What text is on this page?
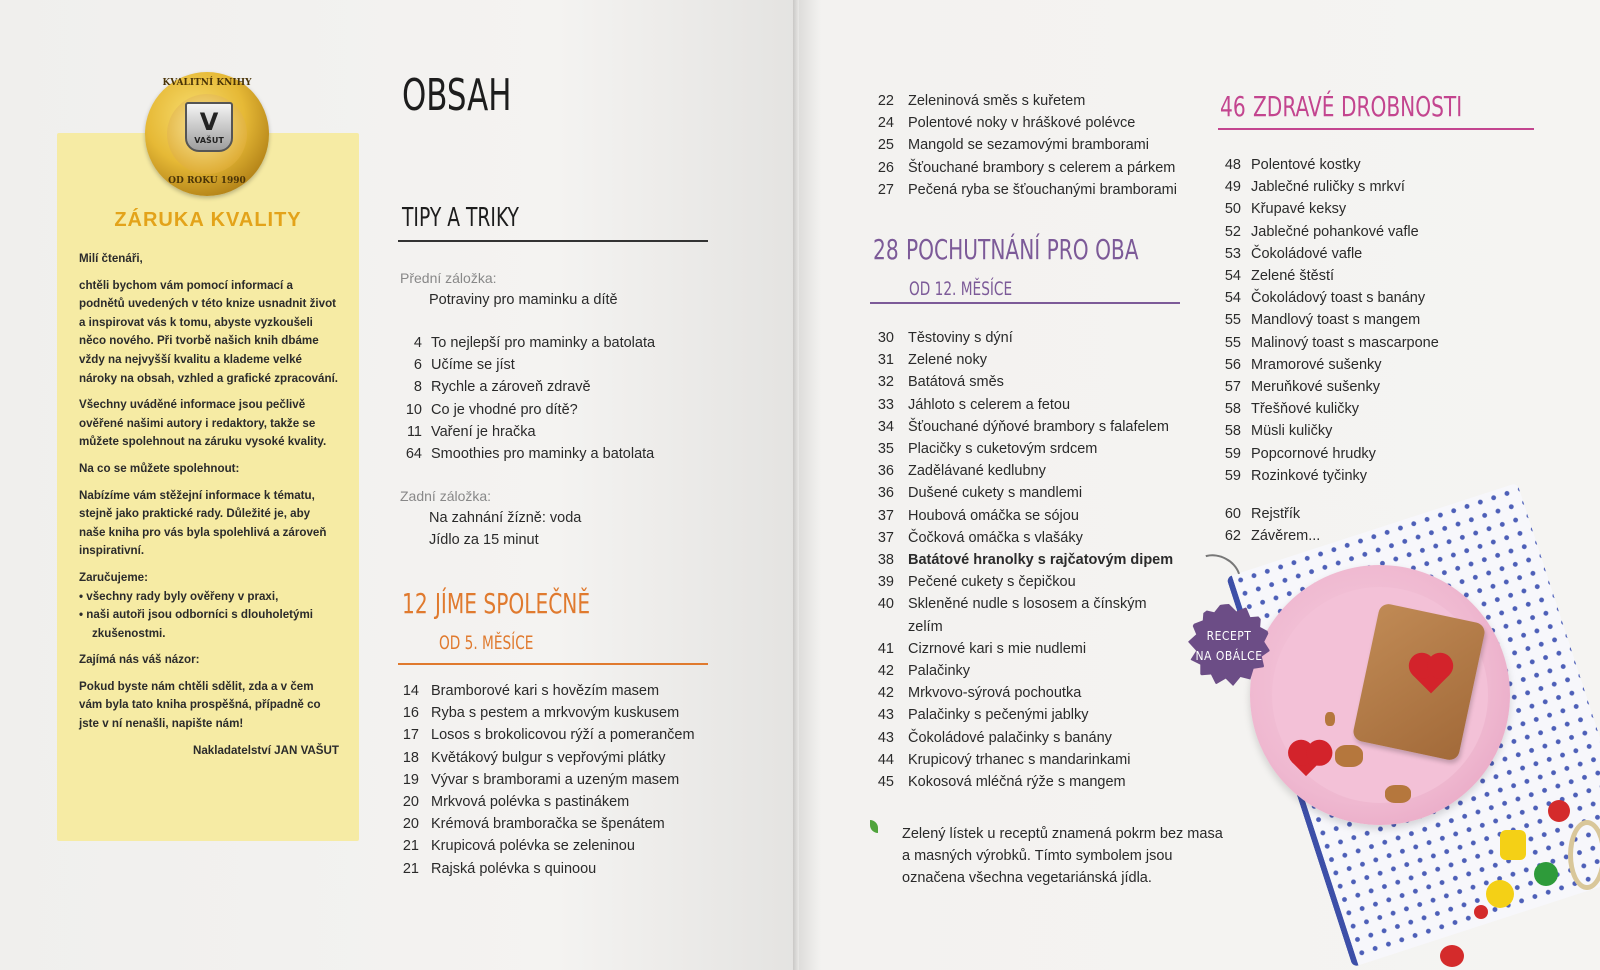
KVALITNÍ KNIHY
V
VAŠUT
OD ROKU 1990
ZÁRUKA KVALITY

Milí čtenáři,

chtěli bychom vám pomocí informací a podnětů uvedených v této knize usnadnit život a inspirovat vás k tomu, abyste vyzkoušeli něco nového. Při tvorbě našich knih dbáme vždy na nejvyšší kvalitu a klademe velké nároky na obsah, vzhled a grafické zpracování.

Všechny uváděné informace jsou pečlivě ověřené našimi autory i redaktory, takže se můžete spolehnout na záruku vysoké kvality.

Na co se můžete spolehnout:

Nabízíme vám stěžejní informace k tématu, stejně jako praktické rady. Důležité je, aby naše kniha pro vás byla spolehlivá a zároveň inspirativní.

Zaručujeme:

• všechny rady byly ověřeny v praxi,
• naši autoři jsou odborníci s dlouholetými zkušenostmi.

Zajímá nás váš názor:

Pokud byste nám chtěli sdělit, zda a v čem vám byla tato kniha prospěšná, případně co jste v ní nenašli, napište nám!

Nakladatelství JAN VAŠUT

OBSAH
TIPY A TRIKY
Přední záložka:
Potraviny pro maminku a dítě
4 To nejlepší pro maminky a batolata
6 Učíme se jíst
8 Rychle a zároveň zdravě
10 Co je vhodné pro dítě?
11 Vaření je hračka
64 Smoothies pro maminky a batolata
Zadní záložka:
Na zahnání žízně: voda
Jídlo za 15 minut
12 JÍME SPOLEČNĚ
OD 5. MĚSÍCE
14 Bramborové kari s hovězím masem
16 Ryba s pestem a mrkvovým kuskusem
17 Losos s brokolicovou rýží a pomerančem
18 Květákový bulgur s vepřovými plátky
19 Vývar s bramborami a uzeným masem
20 Mrkvová polévka s pastinákem
20 Krémová bramboračka se špenátem
21 Krupicová polévka se zeleninou
21 Rajská polévka s quinoou
22 Zeleninová směs s kuřetem
24 Polentové noky v hráškové polévce
25 Mangold se sezamovými bramborami
26 Šťouchané brambory s celerem a párkem
27 Pečená ryba se šťouchanými bramborami
28 POCHUTNÁNÍ PRO OBA
OD 12. MĚSÍCE
30 Těstoviny s dýní
31 Zelené noky
32 Batátová směs
33 Jáhloto s celerem a fetou
34 Šťouchané dýňové brambory s falafelem
35 Placičky s cuketovým srdcem
36 Zadělávané kedlubny
36 Dušené cukety s mandlemi
37 Houbová omáčka se sójou
37 Čočková omáčka s vlašáky
38 Batátové hranolky s rajčatovým dipem
39 Pečené cukety s čepičkou
40 Skleněné nudle s lososem a čínským
zelím
41 Cizrnové kari s mie nudlemi
42 Palačinky
42 Mrkvovo-sýrová pochoutka
43 Palačinky s pečenými jablky
43 Čokoládové palačinky s banány
44 Krupicový trhanec s mandarinkami
45 Kokosová mléčná rýže s mangem
46 ZDRAVÉ DROBNOSTI
48 Polentové kostky
49 Jablečné ruličky s mrkví
50 Křupavé keksy
52 Jablečné pohankové vafle
53 Čokoládové vafle
54 Zelené štěstí
54 Čokoládový toast s banány
55 Mandlový toast s mangem
55 Malinový toast s mascarpone
56 Mramorové sušenky
57 Meruňkové sušenky
58 Třešňové kuličky
58 Müsli kuličky
59 Popcornové hrudky
59 Rozinkové tyčinky
60 Rejstřík
62 Závěrem...
RECEPT
NA OBÁLCE
Zelený lístek u receptů znamená pokrm bez masa a masných výrobků. Tímto symbolem jsou označena všechna vegetariánská jídla.
